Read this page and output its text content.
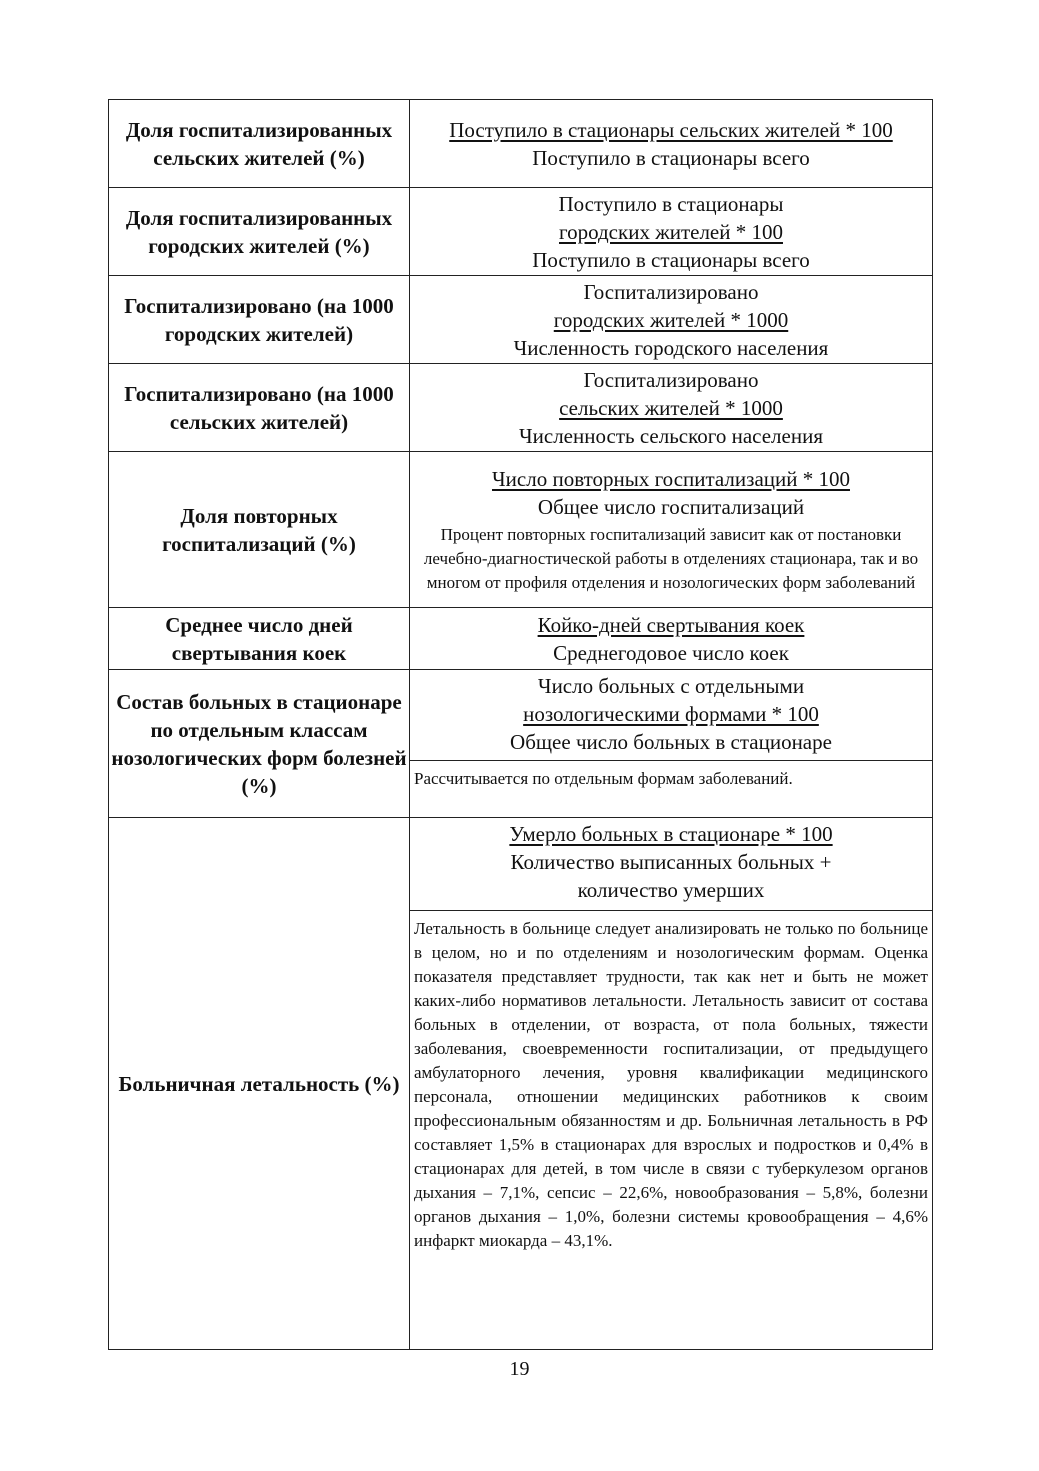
Доля госпитализированных сельских жителей (%)	Поступило в стационары сельских жителей * 100
Поступило в стационары всего

Доля госпитализированных городских жителей (%)	Поступило в стационары
городских жителей * 100
Поступило в стационары всего

Госпитализировано (на 1000 городских жителей)	Госпитализировано
городских жителей * 1000
Численность городского населения

Госпитализировано (на 1000 сельских жителей)	Госпитализировано
сельских жителей * 1000
Численность сельского населения

Доля повторных госпитализаций (%)	Число повторных госпитализаций * 100
Общее число госпитализаций
Процент повторных госпитализаций зависит как от постановки лечебно-диагностической работы в отделениях стационара, так и во многом от профиля отделения и нозологических форм заболеваний

Среднее число дней свертывания коек	Койко-дней свертывания коек
Среднегодовое число коек

Состав больных в стационаре по отдельным классам нозологических форм болезней (%)	Число больных с отдельными
нозологическими формами * 100
Общее число больных в стационаре
Рассчитывается по отдельным формам заболеваний.

Больничная летальность (%)	Умерло больных в стационаре * 100
Количество выписанных больных + количество умерших
Летальность в больнице следует анализировать не только по больнице в целом, но и по отделениям и нозологическим формам. Оценка показателя представляет трудности, так как нет и быть не может каких-либо нормативов летальности. Летальность зависит от состава больных в отделении, от возраста, от пола больных, тяжести заболевания, своевременности госпитализации, от предыдущего амбулаторного лечения, уровня квалификации медицинского персонала, отношении медицинских работников к своим профессиональным обязанностям и др. Больничная летальность в РФ составляет 1,5% в стационарах для взрослых и подростков и 0,4% в стационарах для детей, в том числе в связи с туберкулезом органов дыхания – 7,1%, сепсис – 22,6%, новообразования – 5,8%, болезни органов дыхания – 1,0%, болезни системы кровообращения – 4,6% инфаркт миокарда – 43,1%.
19
